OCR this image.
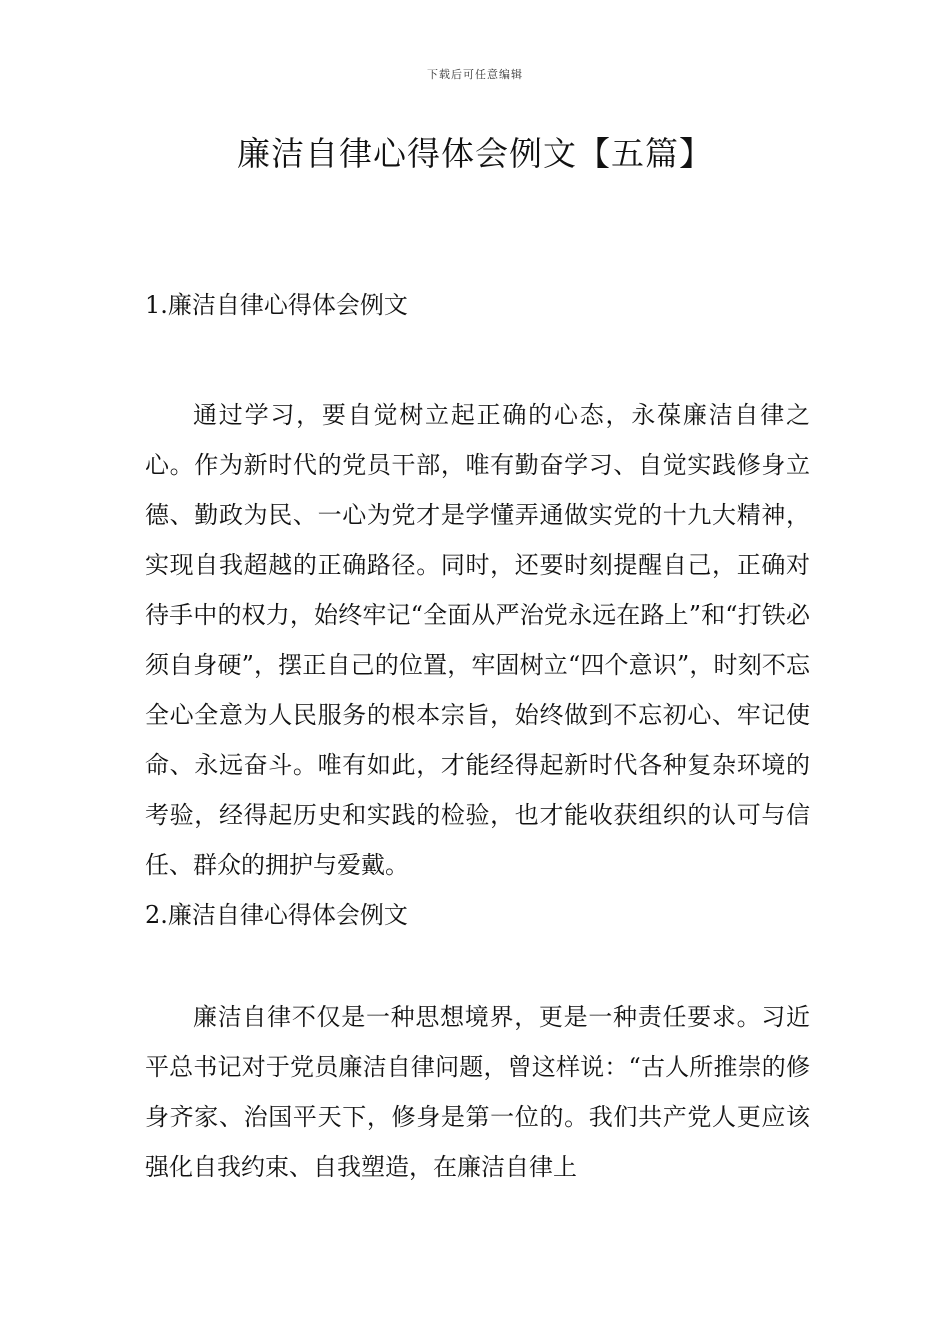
下载后可任意编辑
廉洁自律心得体会例文【五篇】

1.廉洁自律心得体会例文

通过学习，要自觉树立起正确的心态，永葆廉洁自律之心。作为新时代的党员干部，唯有勤奋学习、自觉实践修身立德、勤政为民、一心为党才是学懂弄通做实党的十九大精神，实现自我超越的正确路径。同时，还要时刻提醒自己，正确对待手中的权力，始终牢记“全面从严治党永远在路上”和“打铁必须自身硬”，摆正自己的位置，牢固树立“四个意识”，时刻不忘全心全意为人民服务的根本宗旨，始终做到不忘初心、牢记使命、永远奋斗。唯有如此，才能经得起新时代各种复杂环境的考验，经得起历史和实践的检验，也才能收获组织的认可与信任、群众的拥护与爱戴。

2.廉洁自律心得体会例文

廉洁自律不仅是一种思想境界，更是一种责任要求。习近平总书记对于党员廉洁自律问题，曾这样说：“古人所推崇的修身齐家、治国平天下，修身是第一位的。我们共产党人更应该强化自我约束、自我塑造，在廉洁自律上
